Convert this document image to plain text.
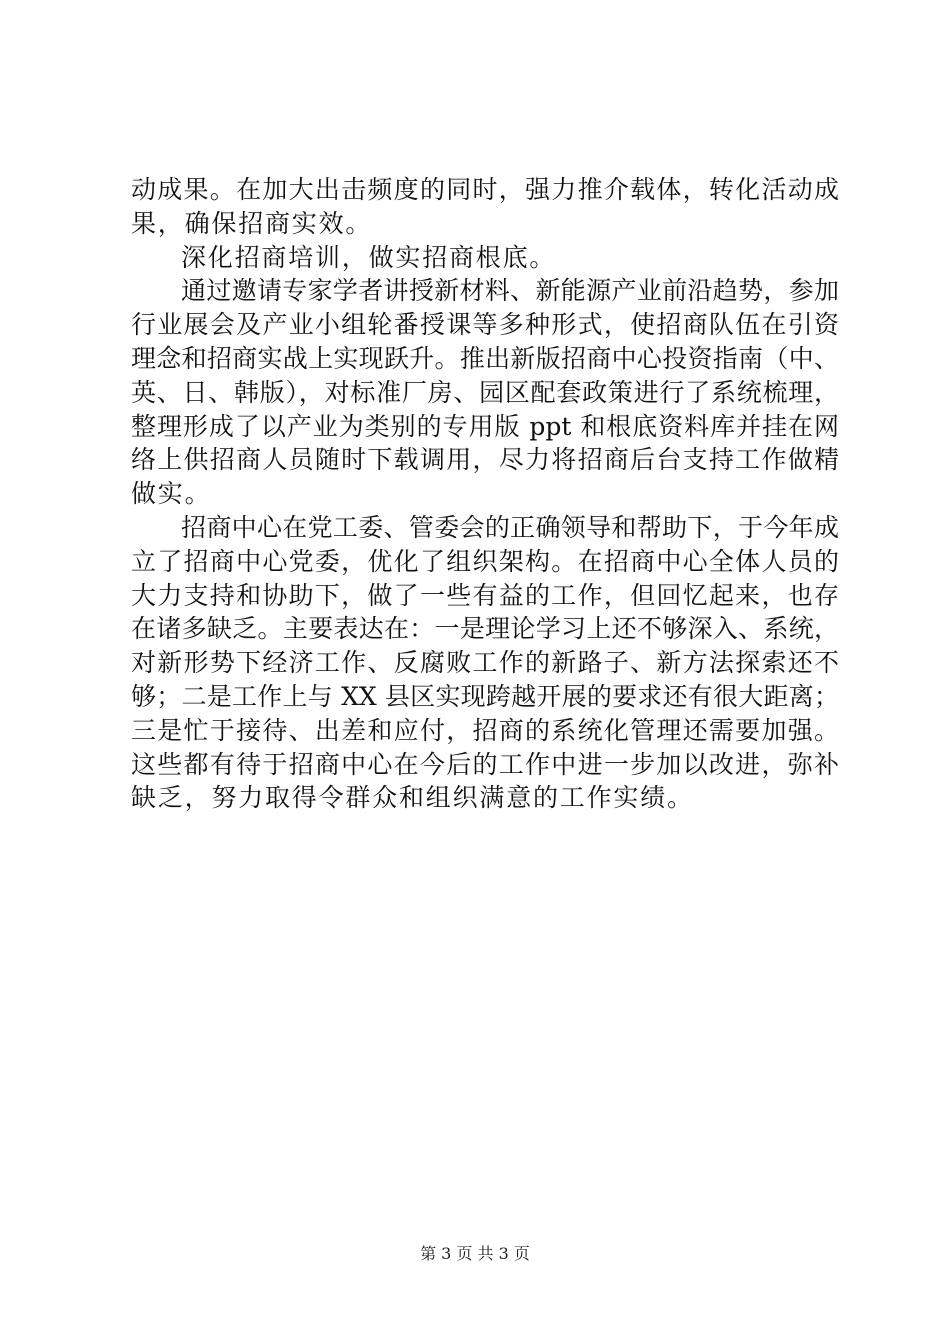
动成果。在加大出击频度的同时，强力推介载体，转化活动成
果，确保招商实效。
深化招商培训，做实招商根底。
通过邀请专家学者讲授新材料、新能源产业前沿趋势，参加
行业展会及产业小组轮番授课等多种形式，使招商队伍在引资
理念和招商实战上实现跃升。推出新版招商中心投资指南（中、
英、日、韩版），对标准厂房、园区配套政策进行了系统梳理，
整理形成了以产业为类别的专用版 ppt 和根底资料库并挂在网
络上供招商人员随时下载调用，尽力将招商后台支持工作做精
做实。
招商中心在党工委、管委会的正确领导和帮助下，于今年成
立了招商中心党委，优化了组织架构。在招商中心全体人员的
大力支持和协助下，做了一些有益的工作，但回忆起来，也存
在诸多缺乏。主要表达在：一是理论学习上还不够深入、系统，
对新形势下经济工作、反腐败工作的新路子、新方法探索还不
够；二是工作上与 XX 县区实现跨越开展的要求还有很大距离；
三是忙于接待、出差和应付，招商的系统化管理还需要加强。
这些都有待于招商中心在今后的工作中进一步加以改进，弥补
缺乏，努力取得令群众和组织满意的工作实绩。
第 3 页 共 3 页
